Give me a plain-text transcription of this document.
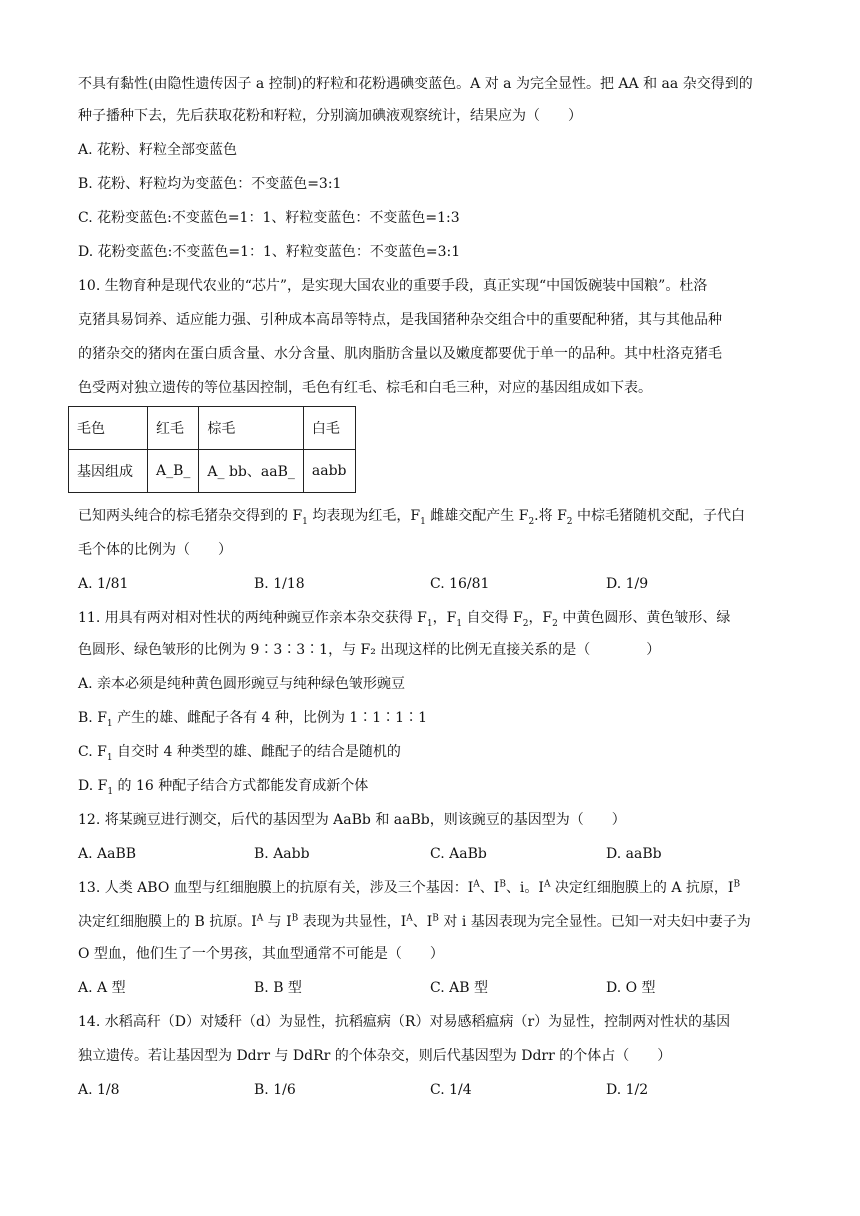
不具有黏性(由隐性遗传因子 a 控制)的籽粒和花粉遇碘变蓝色。A 对 a 为完全显性。把 AA 和 aa 杂交得到的
种子播种下去，先后获取花粉和籽粒，分别滴加碘液观察统计，结果应为（　　）
A. 花粉、籽粒全部变蓝色
B. 花粉、籽粒均为变蓝色：不变蓝色=3:1
C. 花粉变蓝色:不变蓝色=1：1、籽粒变蓝色：不变蓝色=1:3
D. 花粉变蓝色:不变蓝色=1：1、籽粒变蓝色：不变蓝色=3:1
10. 生物育种是现代农业的“芯片”，是实现大国农业的重要手段，真正实现“中国饭碗装中国粮”。杜洛
克猪具易饲养、适应能力强、引种成本高昂等特点，是我国猪种杂交组合中的重要配种猪，其与其他品种
的猪杂交的猪肉在蛋白质含量、水分含量、肌肉脂肪含量以及嫩度都要优于单一的品种。其中杜洛克猪毛
色受两对独立遗传的等位基因控制，毛色有红毛、棕毛和白毛三种，对应的基因组成如下表。
毛色	红毛	棕毛	白毛
基因组成	A_B_	A_ bb、aaB_	aabb
已知两头纯合的棕毛猪杂交得到的 $F_1$ 均表现为红毛，$F_1$ 雌雄交配产生 $F_2$.将 $F_2$ 中棕毛猪随机交配，子代白
毛个体的比例为（　　）
A. 1/81	B. 1/18	C. 16/81	D. 1/9
11. 用具有两对相对性状的两纯种豌豆作亲本杂交获得 $F_1$，$F_1$ 自交得 $F_2$，$F_2$ 中黄色圆形、黄色皱形、绿
色圆形、绿色皱形的比例为 9∶3∶3∶1，与 F₂ 出现这样的比例无直接关系的是（　　　　）
A. 亲本必须是纯种黄色圆形豌豆与纯种绿色皱形豌豆
B. $F_1$ 产生的雄、雌配子各有 4 种，比例为 1∶1∶1∶1
C. $F_1$ 自交时 4 种类型的雄、雌配子的结合是随机的
D. $F_1$ 的 16 种配子结合方式都能发育成新个体
12. 将某豌豆进行测交，后代的基因型为 AaBb 和 aaBb，则该豌豆的基因型为（　　）
A. AaBB	B. Aabb	C. AaBb	D. aaBb
13. 人类 ABO 血型与红细胞膜上的抗原有关，涉及三个基因：$I^A$、$I^B$、i。$I^A$ 决定红细胞膜上的 A 抗原，$I^B$
决定红细胞膜上的 B 抗原。$I^A$ 与 $I^B$ 表现为共显性，$I^A$、$I^B$ 对 i 基因表现为完全显性。已知一对夫妇中妻子为
O 型血，他们生了一个男孩，其血型通常不可能是（　　）
A. A 型	B. B 型	C. AB 型	D. O 型
14. 水稻高秆（D）对矮秆（d）为显性，抗稻瘟病（R）对易感稻瘟病（r）为显性，控制两对性状的基因
独立遗传。若让基因型为 Ddrr 与 DdRr 的个体杂交，则后代基因型为 Ddrr 的个体占（　　）
A. 1/8	B. 1/6	C. 1/4	D. 1/2
